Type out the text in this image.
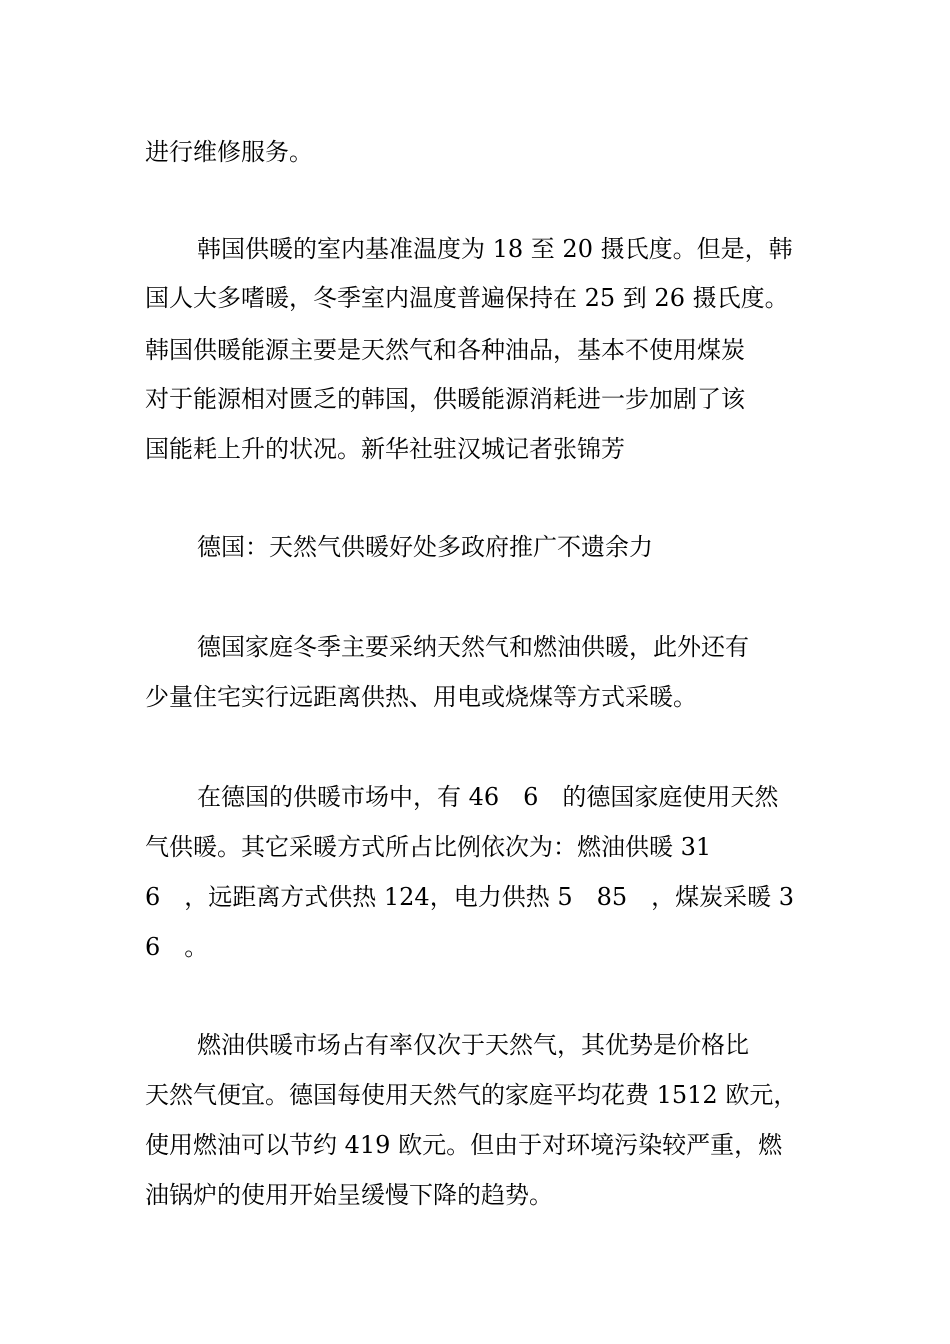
进行维修服务。
韩国供暖的室内基准温度为 18 至 20 摄氏度。但是，韩
国人大多嗜暖，冬季室内温度普遍保持在 25 到 26 摄氏度。
韩国供暖能源主要是天然气和各种油品，基本不使用煤炭
对于能源相对匮乏的韩国，供暖能源消耗进一步加剧了该
国能耗上升的状况。新华社驻汉城记者张锦芳
德国：天然气供暖好处多政府推广不遗余力
德国家庭冬季主要采纳天然气和燃油供暖，此外还有
少量住宅实行远距离供热、用电或烧煤等方式采暖。
在德国的供暖市场中，有 46　6　的德国家庭使用天然
气供暖。其它采暖方式所占比例依次为：燃油供暖 31
6　，远距离方式供热 124，电力供热 5　85　，煤炭采暖 3
6　。
燃油供暖市场占有率仅次于天然气，其优势是价格比
天然气便宜。德国每使用天然气的家庭平均花费 1512 欧元，
使用燃油可以节约 419 欧元。但由于对环境污染较严重，燃
油锅炉的使用开始呈缓慢下降的趋势。
